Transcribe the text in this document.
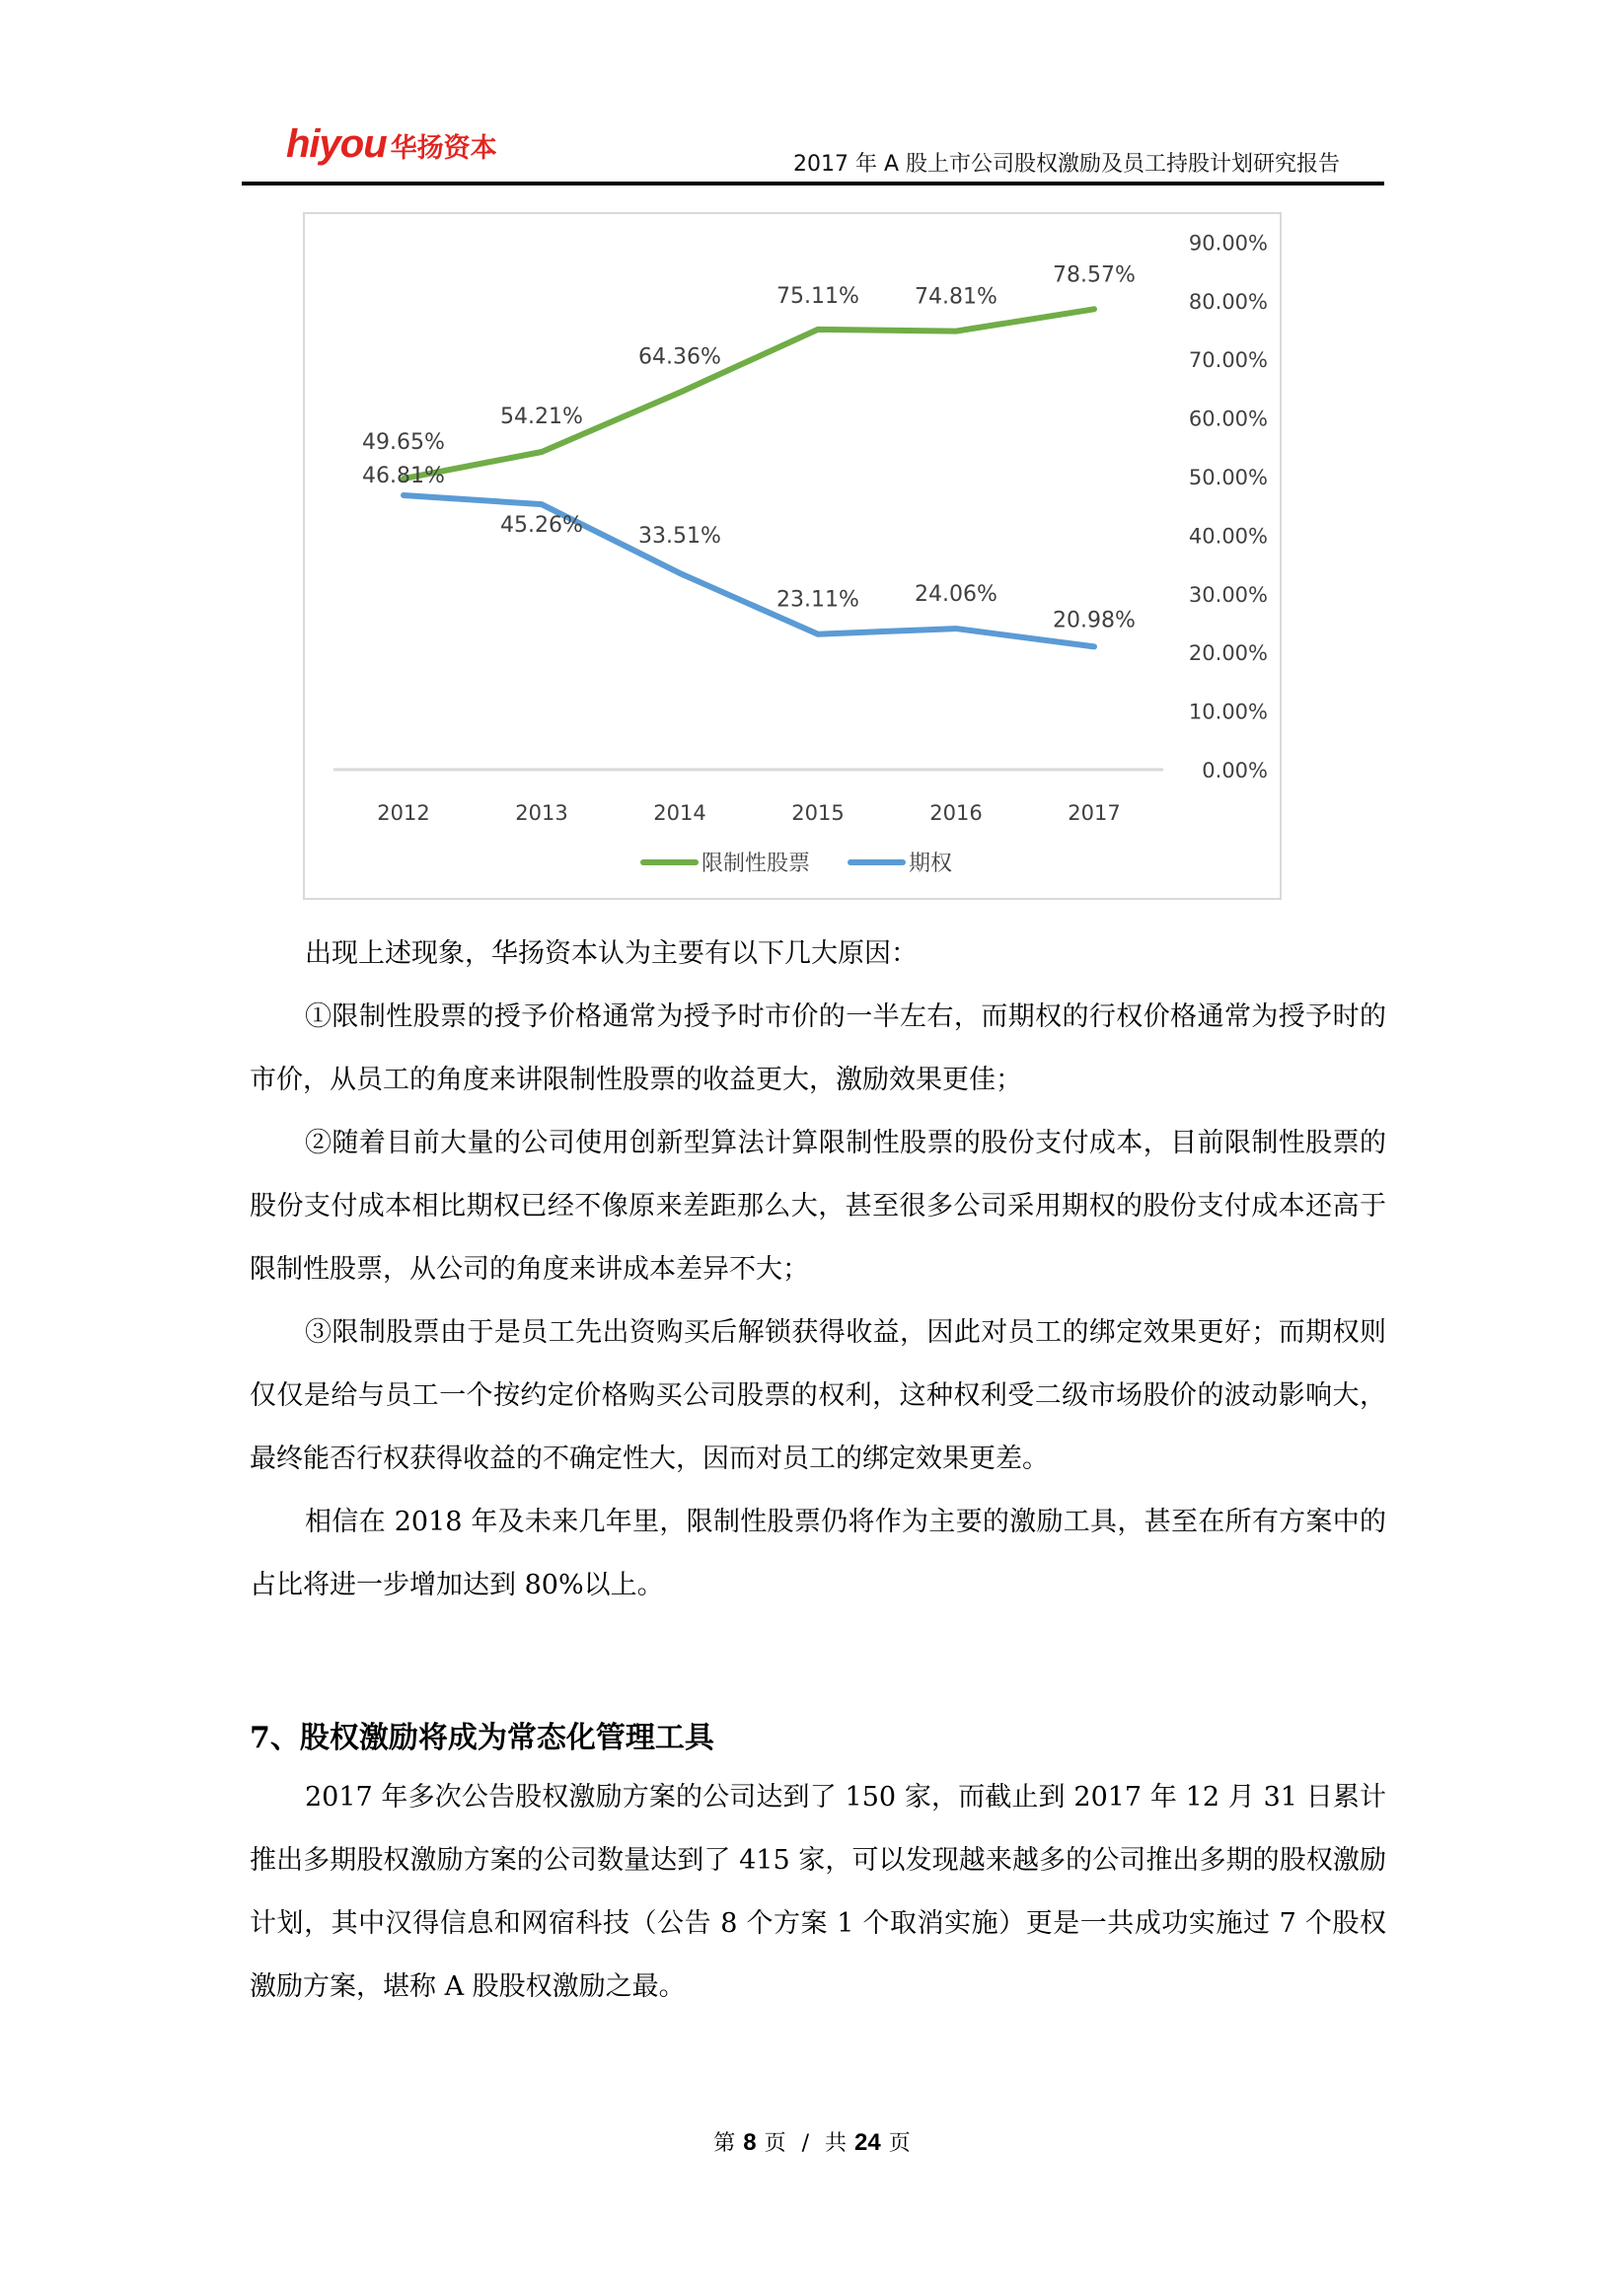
hiyou 华扬资本
2017 年 A 股上市公司股权激励及员工持股计划研究报告
0.00%
10.00%
20.00%
30.00%
40.00%
50.00%
60.00%
70.00%
80.00%
90.00%
2012	2013	2014	2015	2016	2017
49.65%
54.21%
64.36%
75.11%	74.81%
78.57%
46.81%
45.26%	33.51%
23.11%	24.06%
20.98%
限制性股票	期权

出现上述现象，华扬资本认为主要有以下几大原因：

①限制性股票的授予价格通常为授予时市价的一半左右，而期权的行权价格通常为授予时的市价，从员工的角度来讲限制性股票的收益更大，激励效果更佳；

②随着目前大量的公司使用创新型算法计算限制性股票的股份支付成本，目前限制性股票的股份支付成本相比期权已经不像原来差距那么大，甚至很多公司采用期权的股份支付成本还高于限制性股票，从公司的角度来讲成本差异不大；

③限制股票由于是员工先出资购买后解锁获得收益，因此对员工的绑定效果更好；而期权则仅仅是给与员工一个按约定价格购买公司股票的权利，这种权利受二级市场股价的波动影响大，最终能否行权获得收益的不确定性大，因而对员工的绑定效果更差。

相信在 2018 年及未来几年里，限制性股票仍将作为主要的激励工具，甚至在所有方案中的占比将进一步增加达到 80%以上。

7、股权激励将成为常态化管理工具

2017 年多次公告股权激励方案的公司达到了 150 家，而截止到 2017 年 12 月 31 日累计推出多期股权激励方案的公司数量达到了 415 家，可以发现越来越多的公司推出多期的股权激励计划，其中汉得信息和网宿科技（公告 8 个方案 1 个取消实施）更是一共成功实施过 7 个股权激励方案，堪称 A 股股权激励之最。

第 8 页 / 共 24 页
